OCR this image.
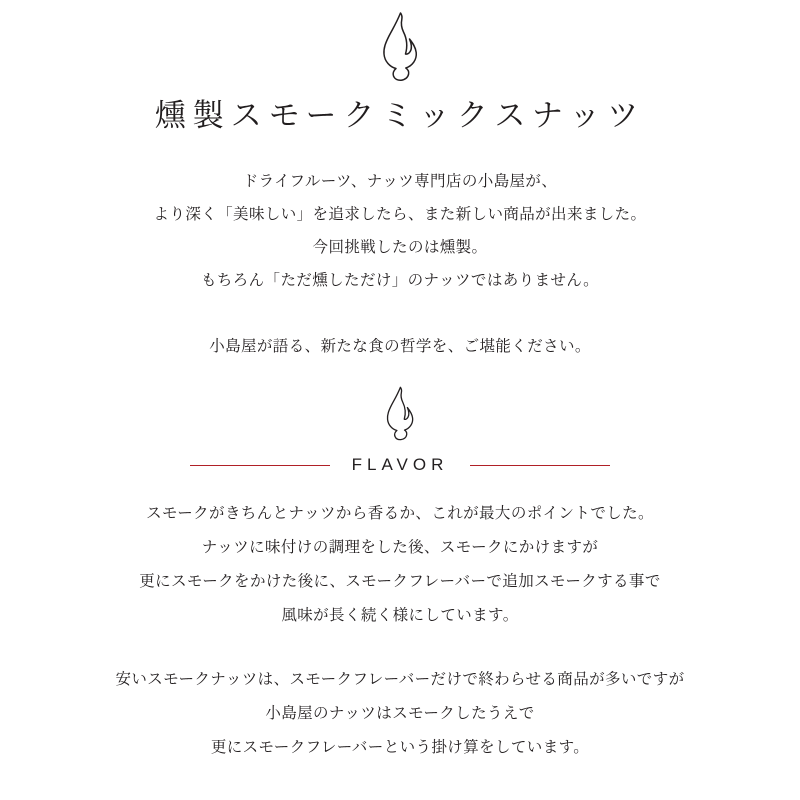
燻製スモークミックスナッツ

ドライフルーツ、ナッツ専門店の小島屋が、

より深く「美味しい」を追求したら、また新しい商品が出来ました。

今回挑戦したのは燻製。

もちろん「ただ燻しただけ」のナッツではありません。

小島屋が語る、新たな食の哲学を、ご堪能ください。

FLAVOR

スモークがきちんとナッツから香るか、これが最大のポイントでした。

ナッツに味付けの調理をした後、スモークにかけますが

更にスモークをかけた後に、スモークフレーバーで追加スモークする事で

風味が長く続く様にしています。

安いスモークナッツは、スモークフレーバーだけで終わらせる商品が多いですが

小島屋のナッツはスモークしたうえで

更にスモークフレーバーという掛け算をしています。
